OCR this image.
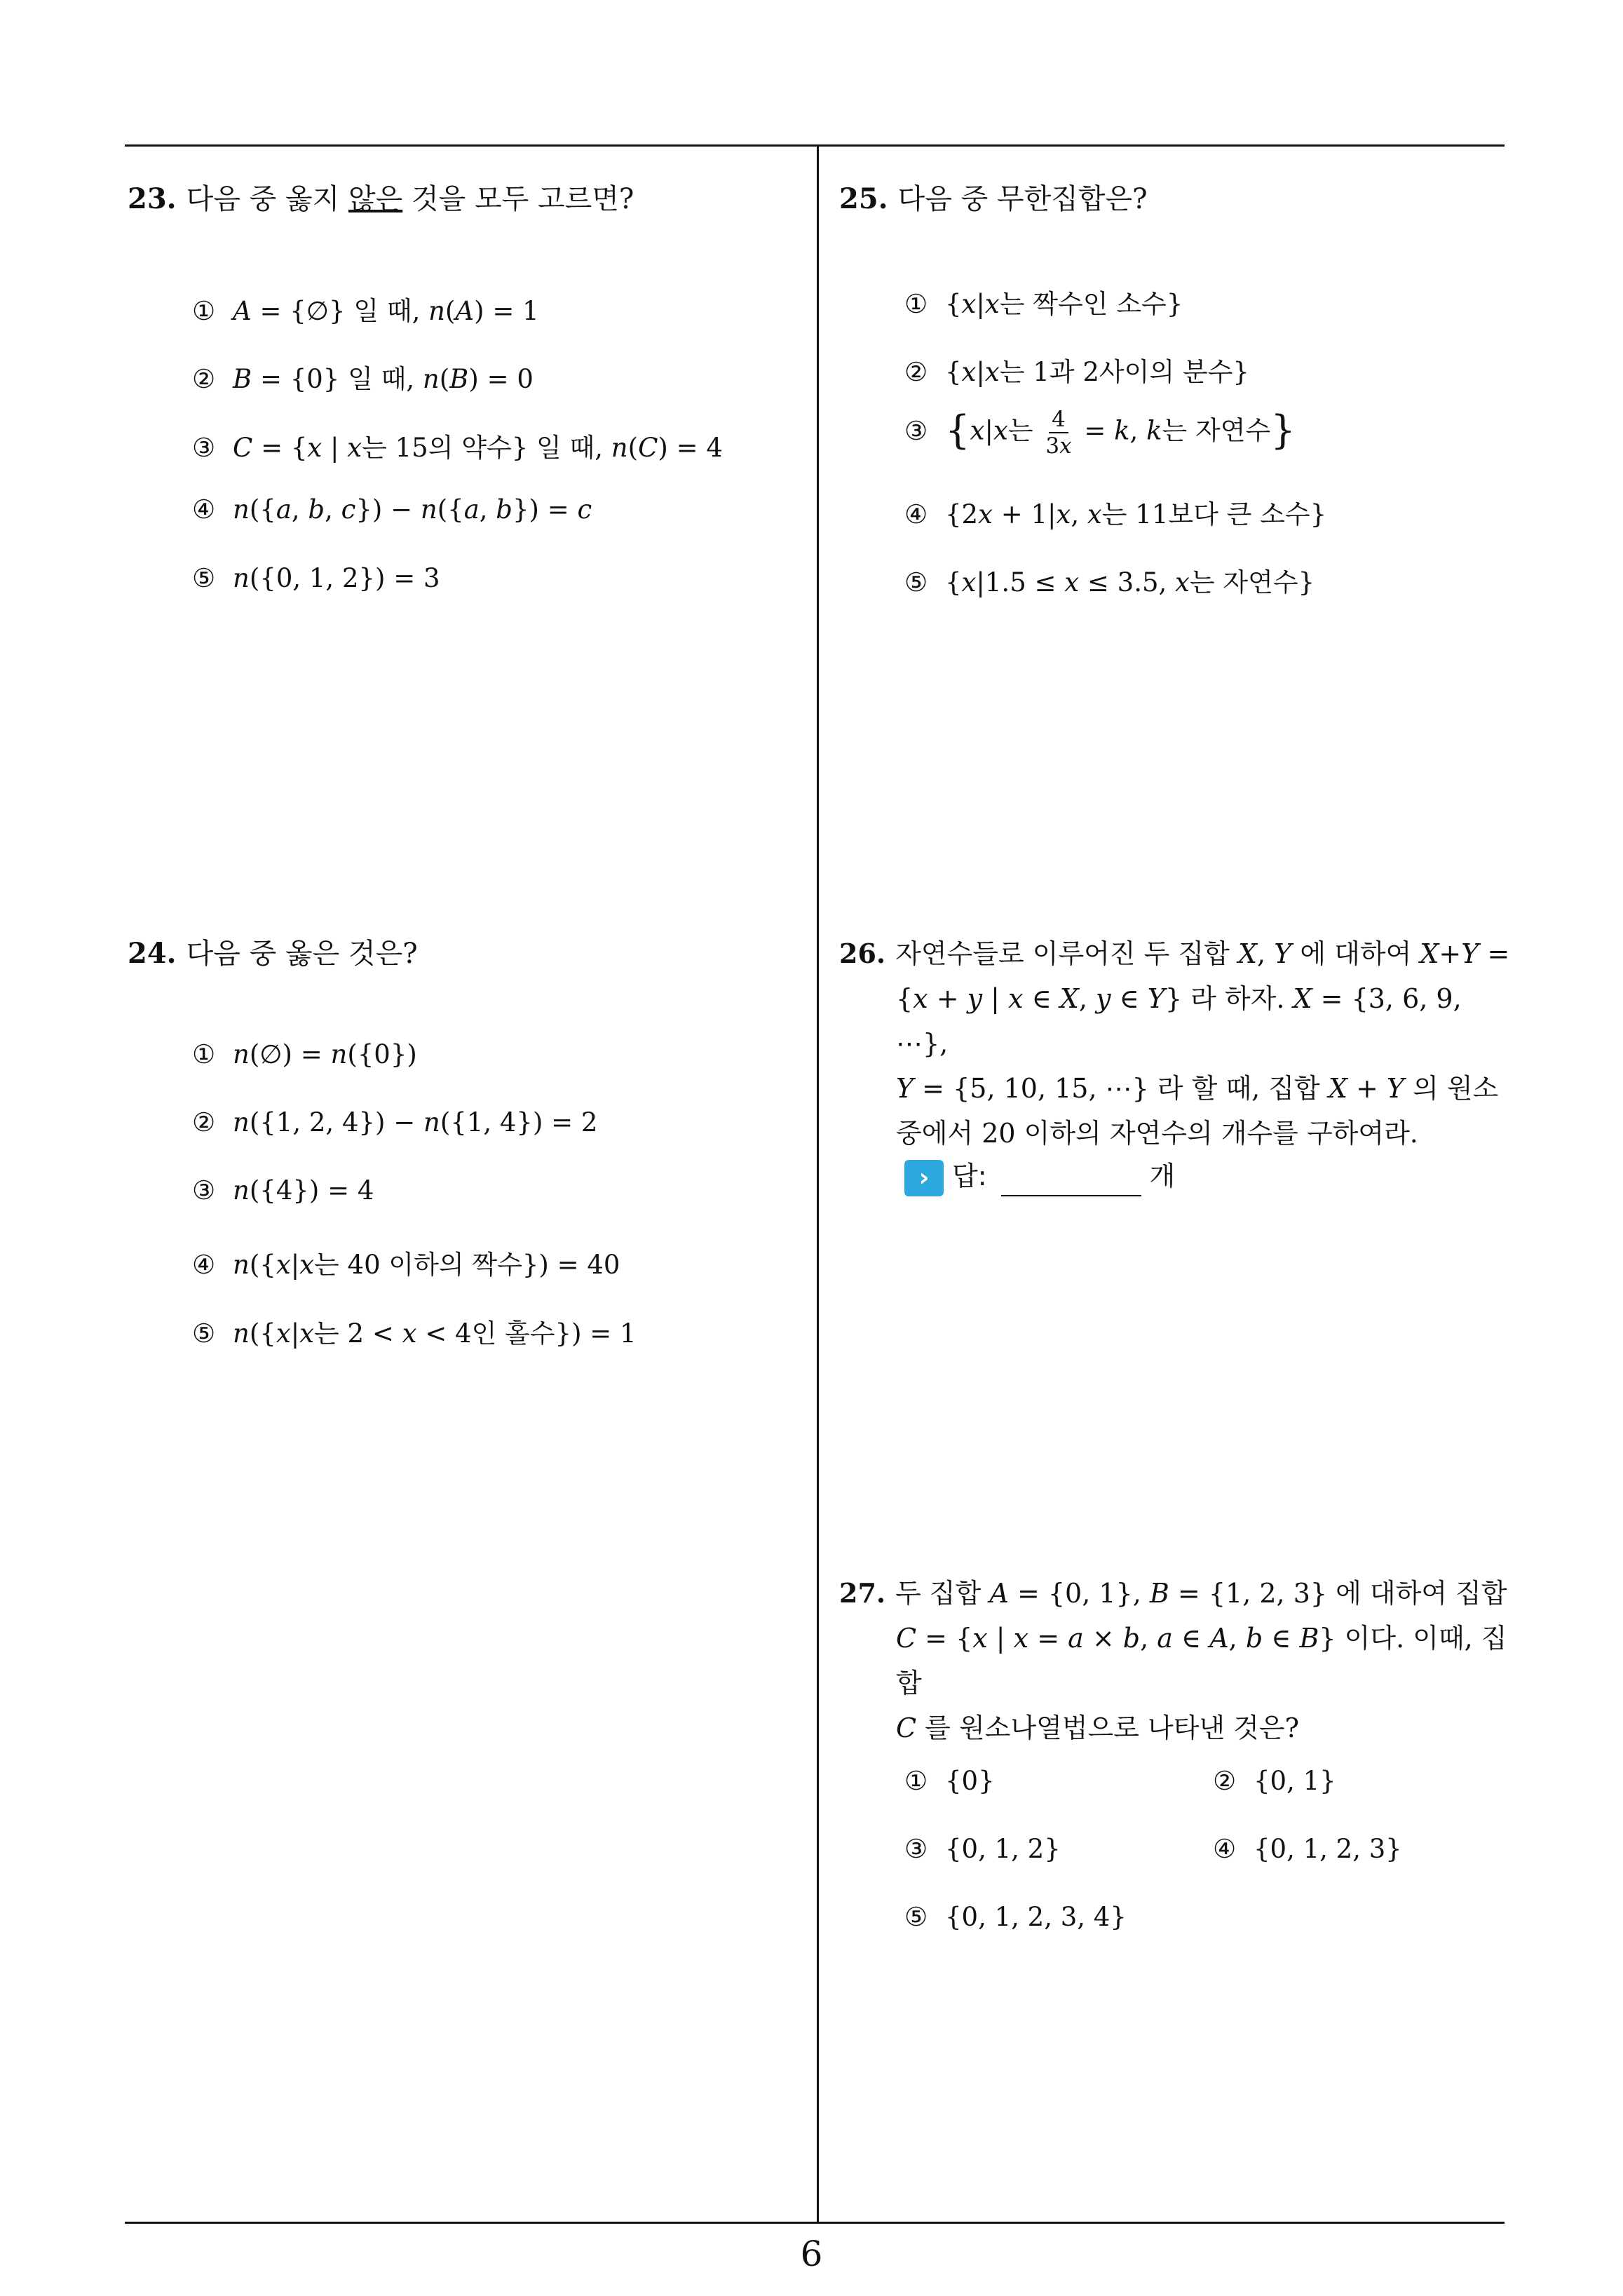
23. 다음 중 옳지 않은 것을 모두 고르면?
① A = {∅} 일 때, n(A) = 1
② B = {0} 일 때, n(B) = 0
③ C = {x | x는 15의 약수} 일 때, n(C) = 4
④ n({a, b, c}) − n({a, b}) = c
⑤ n({0, 1, 2}) = 3
25. 다음 중 무한집합은?
① {x|x는 짝수인 소수}
② {x|x는 1과 2사이의 분수}
③ {x|x는 $\frac{4}{3x} = k$, k는 자연수}
④ {2x + 1|x, x는 11보다 큰 소수}
⑤ {x|1.5 ≤ x ≤ 3.5, x는 자연수}
24. 다음 중 옳은 것은?
① n(∅) = n({0})
② n({1, 2, 4}) − n({1, 4}) = 2
③ n({4}) = 4
④ n({x|x는 40 이하의 짝수}) = 40
⑤ n({x|x는 2 < x < 4인 홀수}) = 1
26. 자연수들로 이루어진 두 집합 X, Y 에 대하여 X+Y =
{x + y | x ∈ X, y ∈ Y} 라 하자. X = {3, 6, 9, ⋯},
Y = {5, 10, 15, ⋯} 라 할 때, 집합 X + Y 의 원소
중에서 20 이하의 자연수의 개수를 구하여라.
› 답:	개
27. 두 집합 A = {0, 1}, B = {1, 2, 3} 에 대하여 집합
C = {x | x = a × b, a ∈ A, b ∈ B} 이다. 이때, 집합
C 를 원소나열법으로 나타낸 것은?
① {0}	② {0, 1}
③ {0, 1, 2}	④ {0, 1, 2, 3}
⑤ {0, 1, 2, 3, 4}
6
